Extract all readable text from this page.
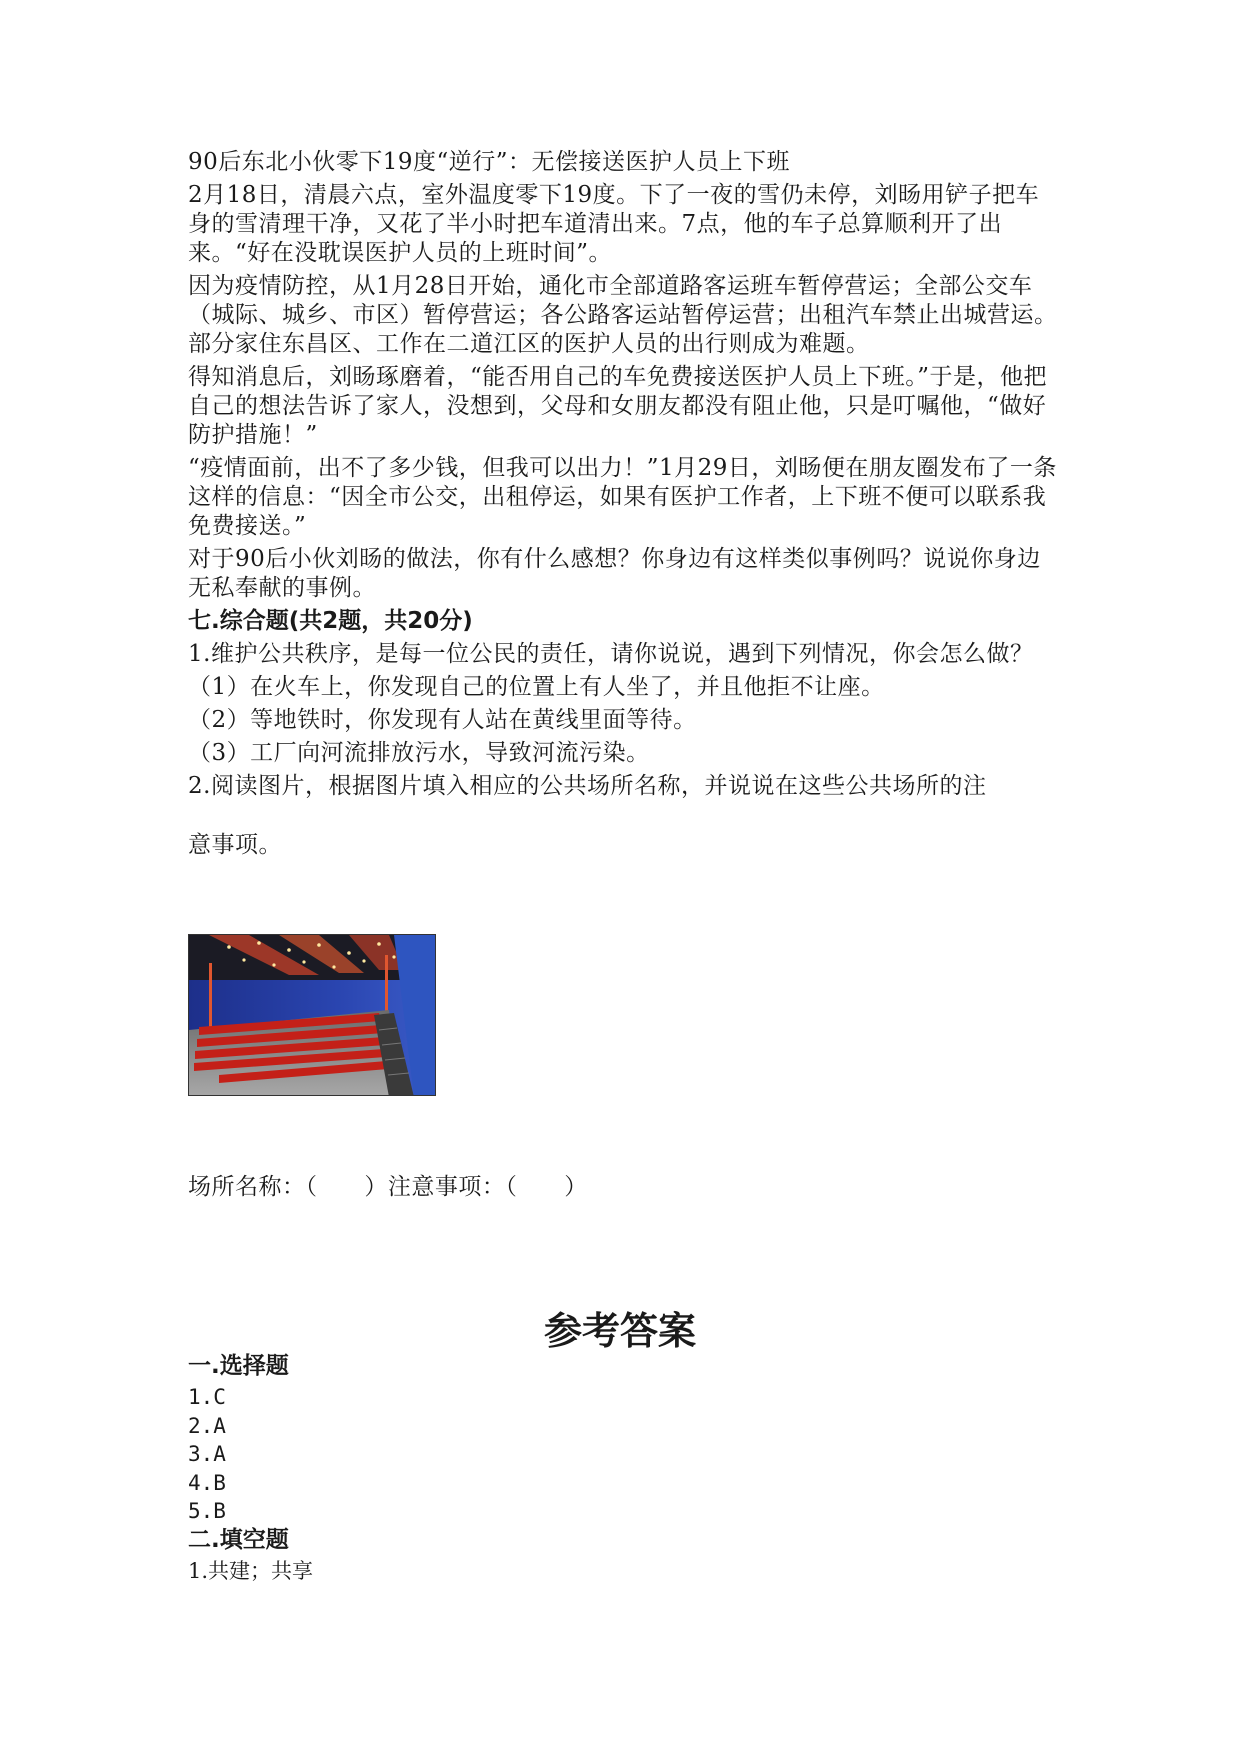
90后东北小伙零下19度“逆行”：无偿接送医护人员上下班

2月18日，清晨六点，室外温度零下19度。下了一夜的雪仍未停，刘旸用铲子把车身的雪清理干净，又花了半小时把车道清出来。7点，他的车子总算顺利开了出来。“好在没耽误医护人员的上班时间”。

因为疫情防控，从1月28日开始，通化市全部道路客运班车暂停营运；全部公交车（城际、城乡、市区）暂停营运；各公路客运站暂停运营；出租汽车禁止出城营运。部分家住东昌区、工作在二道江区的医护人员的出行则成为难题。

得知消息后，刘旸琢磨着，“能否用自己的车免费接送医护人员上下班。”于是，他把自己的想法告诉了家人，没想到，父母和女朋友都没有阻止他，只是叮嘱他，“做好防护措施！”

“疫情面前，出不了多少钱，但我可以出力！”1月29日，刘旸便在朋友圈发布了一条这样的信息：“因全市公交，出租停运，如果有医护工作者，上下班不便可以联系我免费接送。”

对于90后小伙刘旸的做法，你有什么感想？你身边有这样类似事例吗？说说你身边无私奉献的事例。

七.综合题(共2题，共20分)

1.维护公共秩序，是每一位公民的责任，请你说说，遇到下列情况，你会怎么做？

（1）在火车上，你发现自己的位置上有人坐了，并且他拒不让座。

（2）等地铁时，你发现有人站在黄线里面等待。

（3）工厂向河流排放污水，导致河流污染。

2.阅读图片，根据图片填入相应的公共场所名称，并说说在这些公共场所的注

意事项。

场所名称：（      ）注意事项：（      ）
参考答案

一.选择题

1.C

2.A

3.A

4.B

5.B

二.填空题

1.共建；共享
